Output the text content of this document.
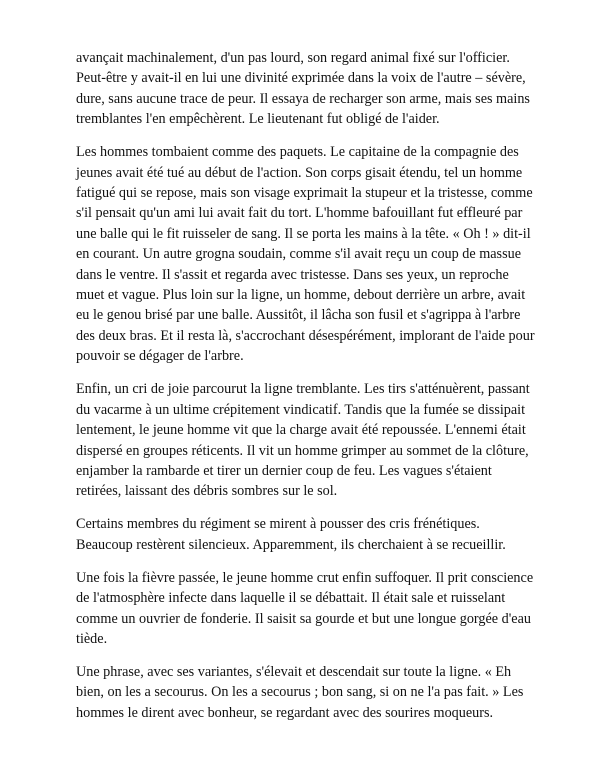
avançait machinalement, d'un pas lourd, son regard animal fixé sur l'officier. Peut-être y avait-il en lui une divinité exprimée dans la voix de l'autre – sévère, dure, sans aucune trace de peur. Il essaya de recharger son arme, mais ses mains tremblantes l'en empêchèrent. Le lieutenant fut obligé de l'aider.

Les hommes tombaient comme des paquets. Le capitaine de la compagnie des jeunes avait été tué au début de l'action. Son corps gisait étendu, tel un homme fatigué qui se repose, mais son visage exprimait la stupeur et la tristesse, comme s'il pensait qu'un ami lui avait fait du tort. L'homme bafouillant fut effleuré par une balle qui le fit ruisseler de sang. Il se porta les mains à la tête. « Oh ! » dit-il en courant. Un autre grogna soudain, comme s'il avait reçu un coup de massue dans le ventre. Il s'assit et regarda avec tristesse. Dans ses yeux, un reproche muet et vague. Plus loin sur la ligne, un homme, debout derrière un arbre, avait eu le genou brisé par une balle. Aussitôt, il lâcha son fusil et s'agrippa à l'arbre des deux bras. Et il resta là, s'accrochant désespérément, implorant de l'aide pour pouvoir se dégager de l'arbre.

Enfin, un cri de joie parcourut la ligne tremblante. Les tirs s'atténuèrent, passant du vacarme à un ultime crépitement vindicatif. Tandis que la fumée se dissipait lentement, le jeune homme vit que la charge avait été repoussée. L'ennemi était dispersé en groupes réticents. Il vit un homme grimper au sommet de la clôture, enjamber la rambarde et tirer un dernier coup de feu. Les vagues s'étaient retirées, laissant des débris sombres sur le sol.

Certains membres du régiment se mirent à pousser des cris frénétiques. Beaucoup restèrent silencieux. Apparemment, ils cherchaient à se recueillir.

Une fois la fièvre passée, le jeune homme crut enfin suffoquer. Il prit conscience de l'atmosphère infecte dans laquelle il se débattait. Il était sale et ruisselant comme un ouvrier de fonderie. Il saisit sa gourde et but une longue gorgée d'eau tiède.

Une phrase, avec ses variantes, s'élevait et descendait sur toute la ligne. « Eh bien, on les a secourus. On les a secourus ; bon sang, si on ne l'a pas fait. » Les hommes le dirent avec bonheur, se regardant avec des sourires moqueurs.
